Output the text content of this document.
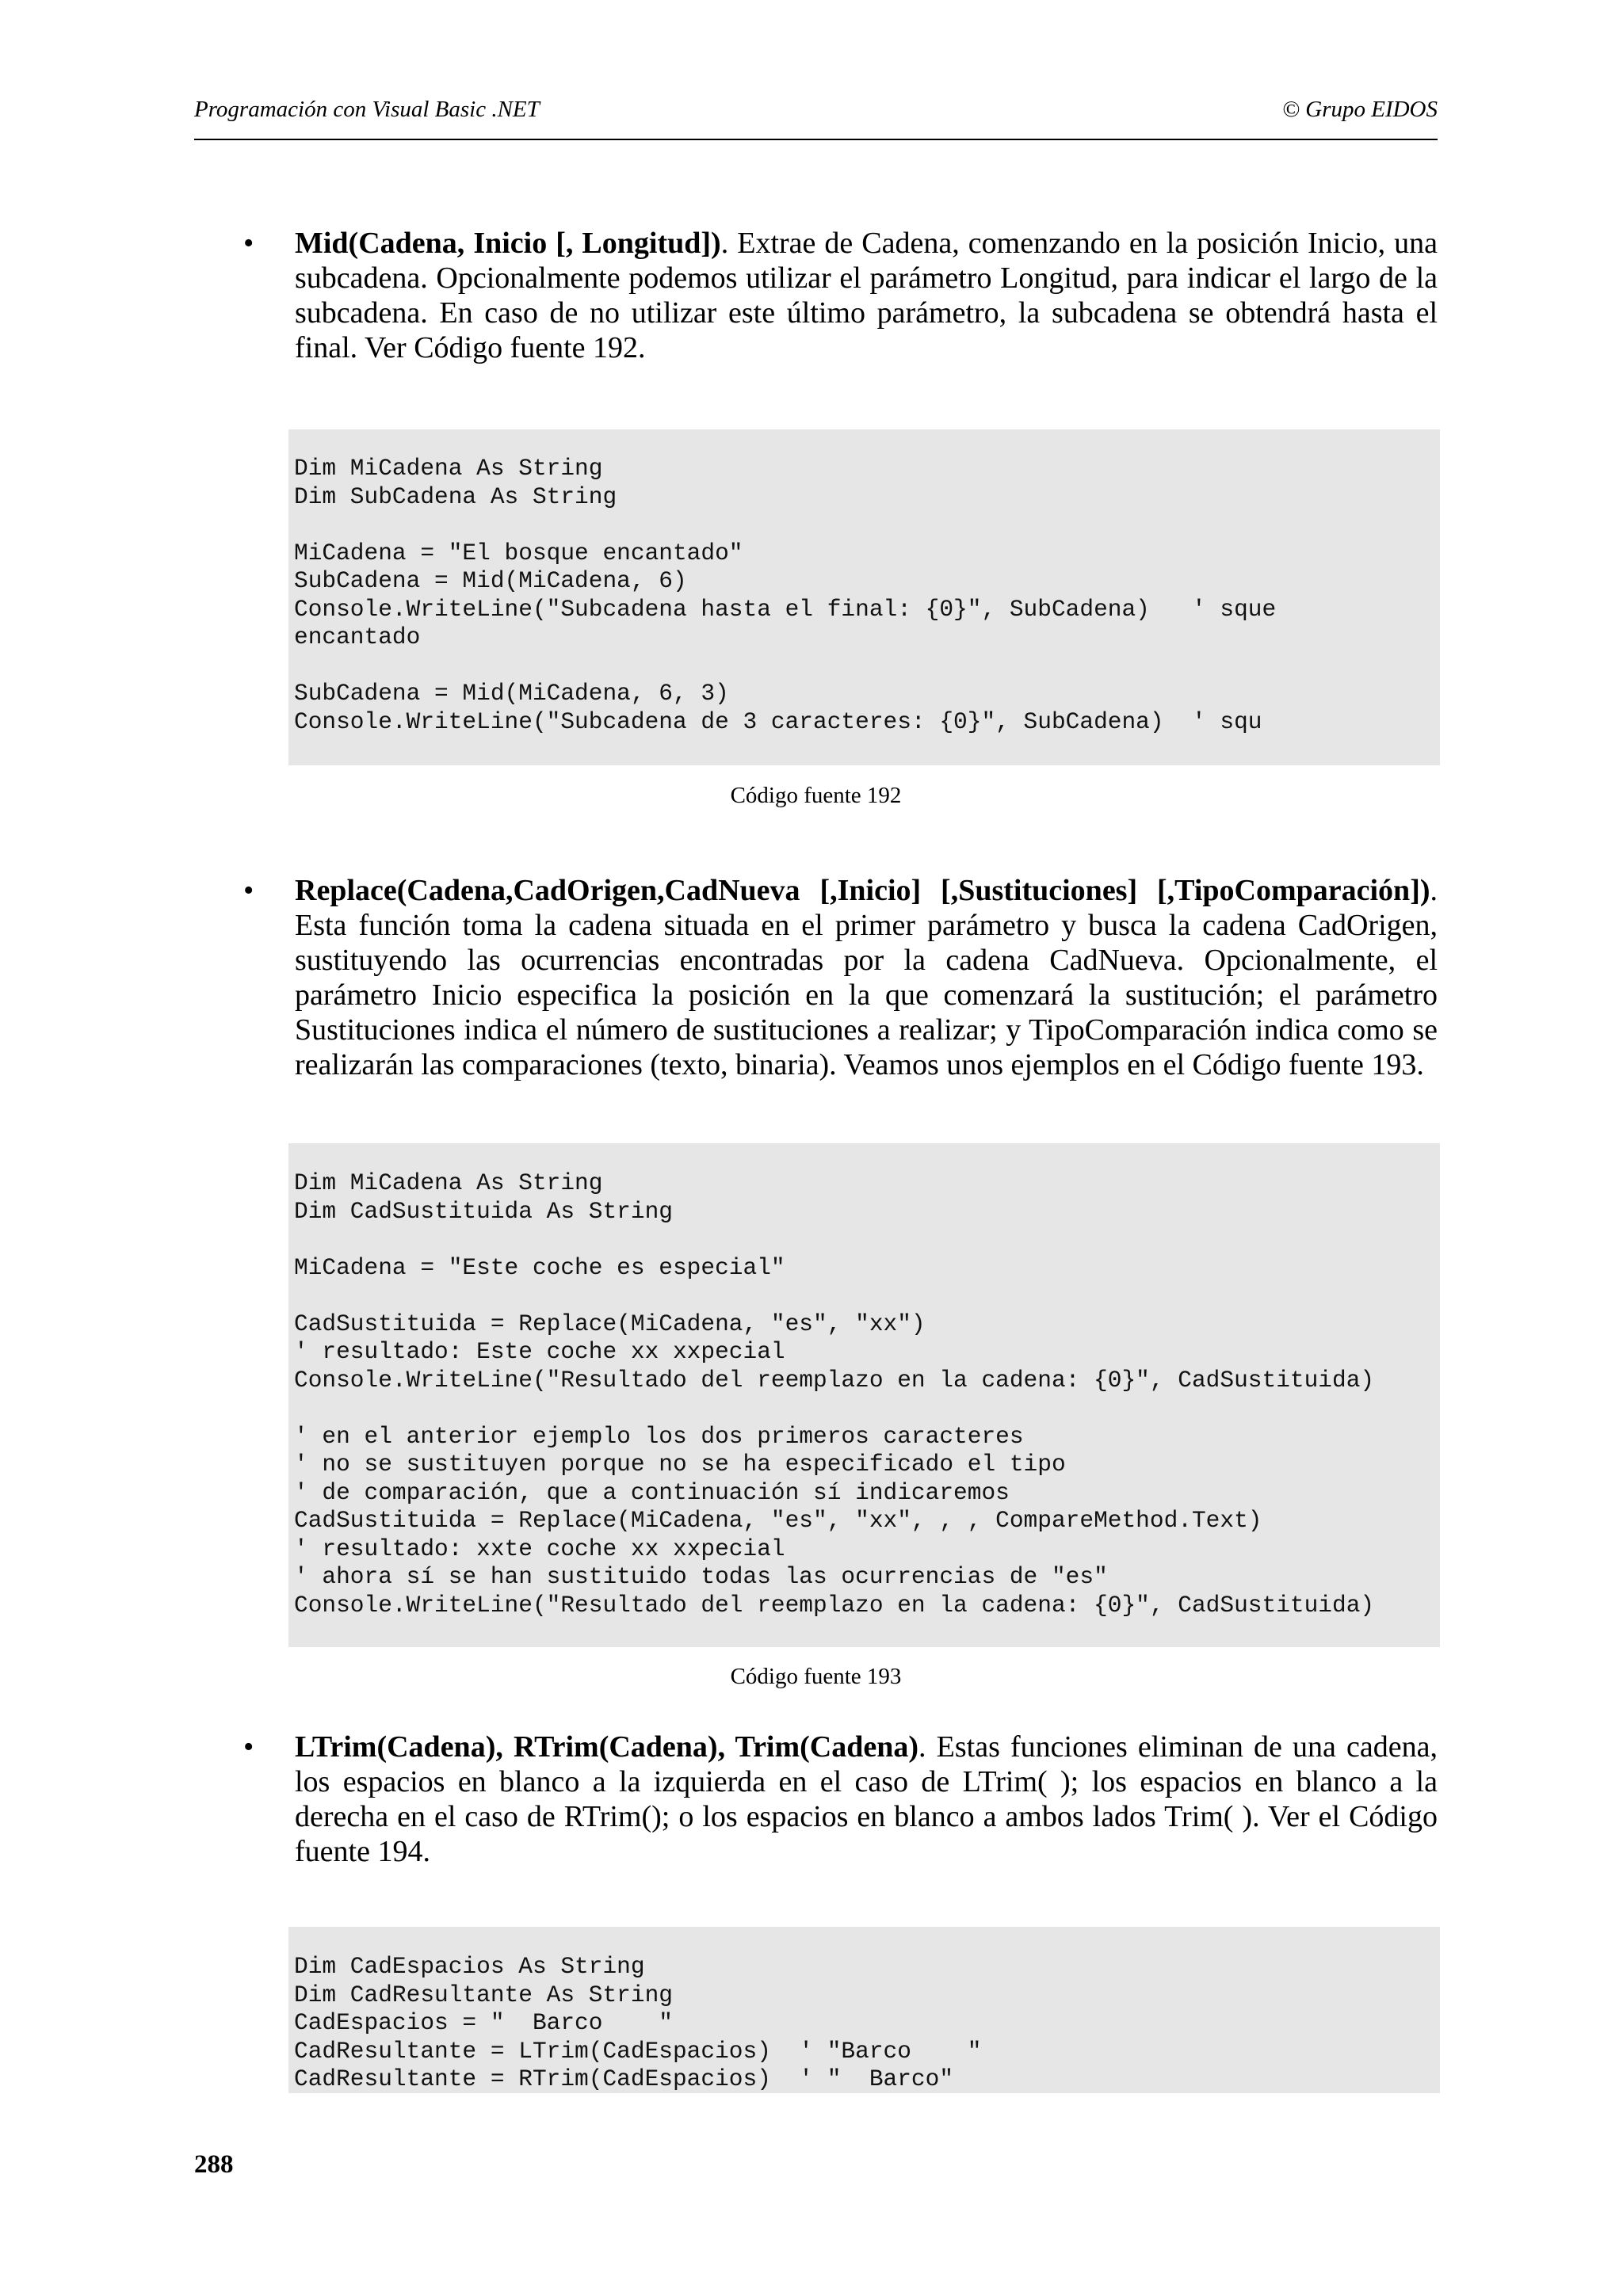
Programación con Visual Basic .NET	© Grupo EIDOS
• Mid(Cadena, Inicio [, Longitud]). Extrae de Cadena, comenzando en la posición Inicio, una subcadena. Opcionalmente podemos utilizar el parámetro Longitud, para indicar el largo de la subcadena. En caso de no utilizar este último parámetro, la subcadena se obtendrá hasta el final. Ver Código fuente 192.

Dim MiCadena As String
Dim SubCadena As String

MiCadena = "El bosque encantado"
SubCadena = Mid(MiCadena, 6)
Console.WriteLine("Subcadena hasta el final: {0}", SubCadena)   ' sque
encantado

SubCadena = Mid(MiCadena, 6, 3)
Console.WriteLine("Subcadena de 3 caracteres: {0}", SubCadena)  ' squ
Código fuente 192
• Replace(Cadena,CadOrigen,CadNueva [,Inicio] [,Sustituciones] [,TipoComparación]). Esta función toma la cadena situada en el primer parámetro y busca la cadena CadOrigen, sustituyendo las ocurrencias encontradas por la cadena CadNueva. Opcionalmente, el parámetro Inicio especifica la posición en la que comenzará la sustitución; el parámetro Sustituciones indica el número de sustituciones a realizar; y TipoComparación indica como se realizarán las comparaciones (texto, binaria). Veamos unos ejemplos en el Código fuente 193.

Dim MiCadena As String
Dim CadSustituida As String

MiCadena = "Este coche es especial"

CadSustituida = Replace(MiCadena, "es", "xx")
' resultado: Este coche xx xxpecial
Console.WriteLine("Resultado del reemplazo en la cadena: {0}", CadSustituida)

' en el anterior ejemplo los dos primeros caracteres
' no se sustituyen porque no se ha especificado el tipo
' de comparación, que a continuación sí indicaremos
CadSustituida = Replace(MiCadena, "es", "xx", , , CompareMethod.Text)
' resultado: xxte coche xx xxpecial
' ahora sí se han sustituido todas las ocurrencias de "es"
Console.WriteLine("Resultado del reemplazo en la cadena: {0}", CadSustituida)
Código fuente 193
• LTrim(Cadena), RTrim(Cadena), Trim(Cadena). Estas funciones eliminan de una cadena, los espacios en blanco a la izquierda en el caso de LTrim( ); los espacios en blanco a la derecha en el caso de RTrim(); o los espacios en blanco a ambos lados Trim( ). Ver el Código fuente 194.

Dim CadEspacios As String
Dim CadResultante As String
CadEspacios = "  Barco    "
CadResultante = LTrim(CadEspacios)  ' "Barco    "
CadResultante = RTrim(CadEspacios)  ' "  Barco"
288
